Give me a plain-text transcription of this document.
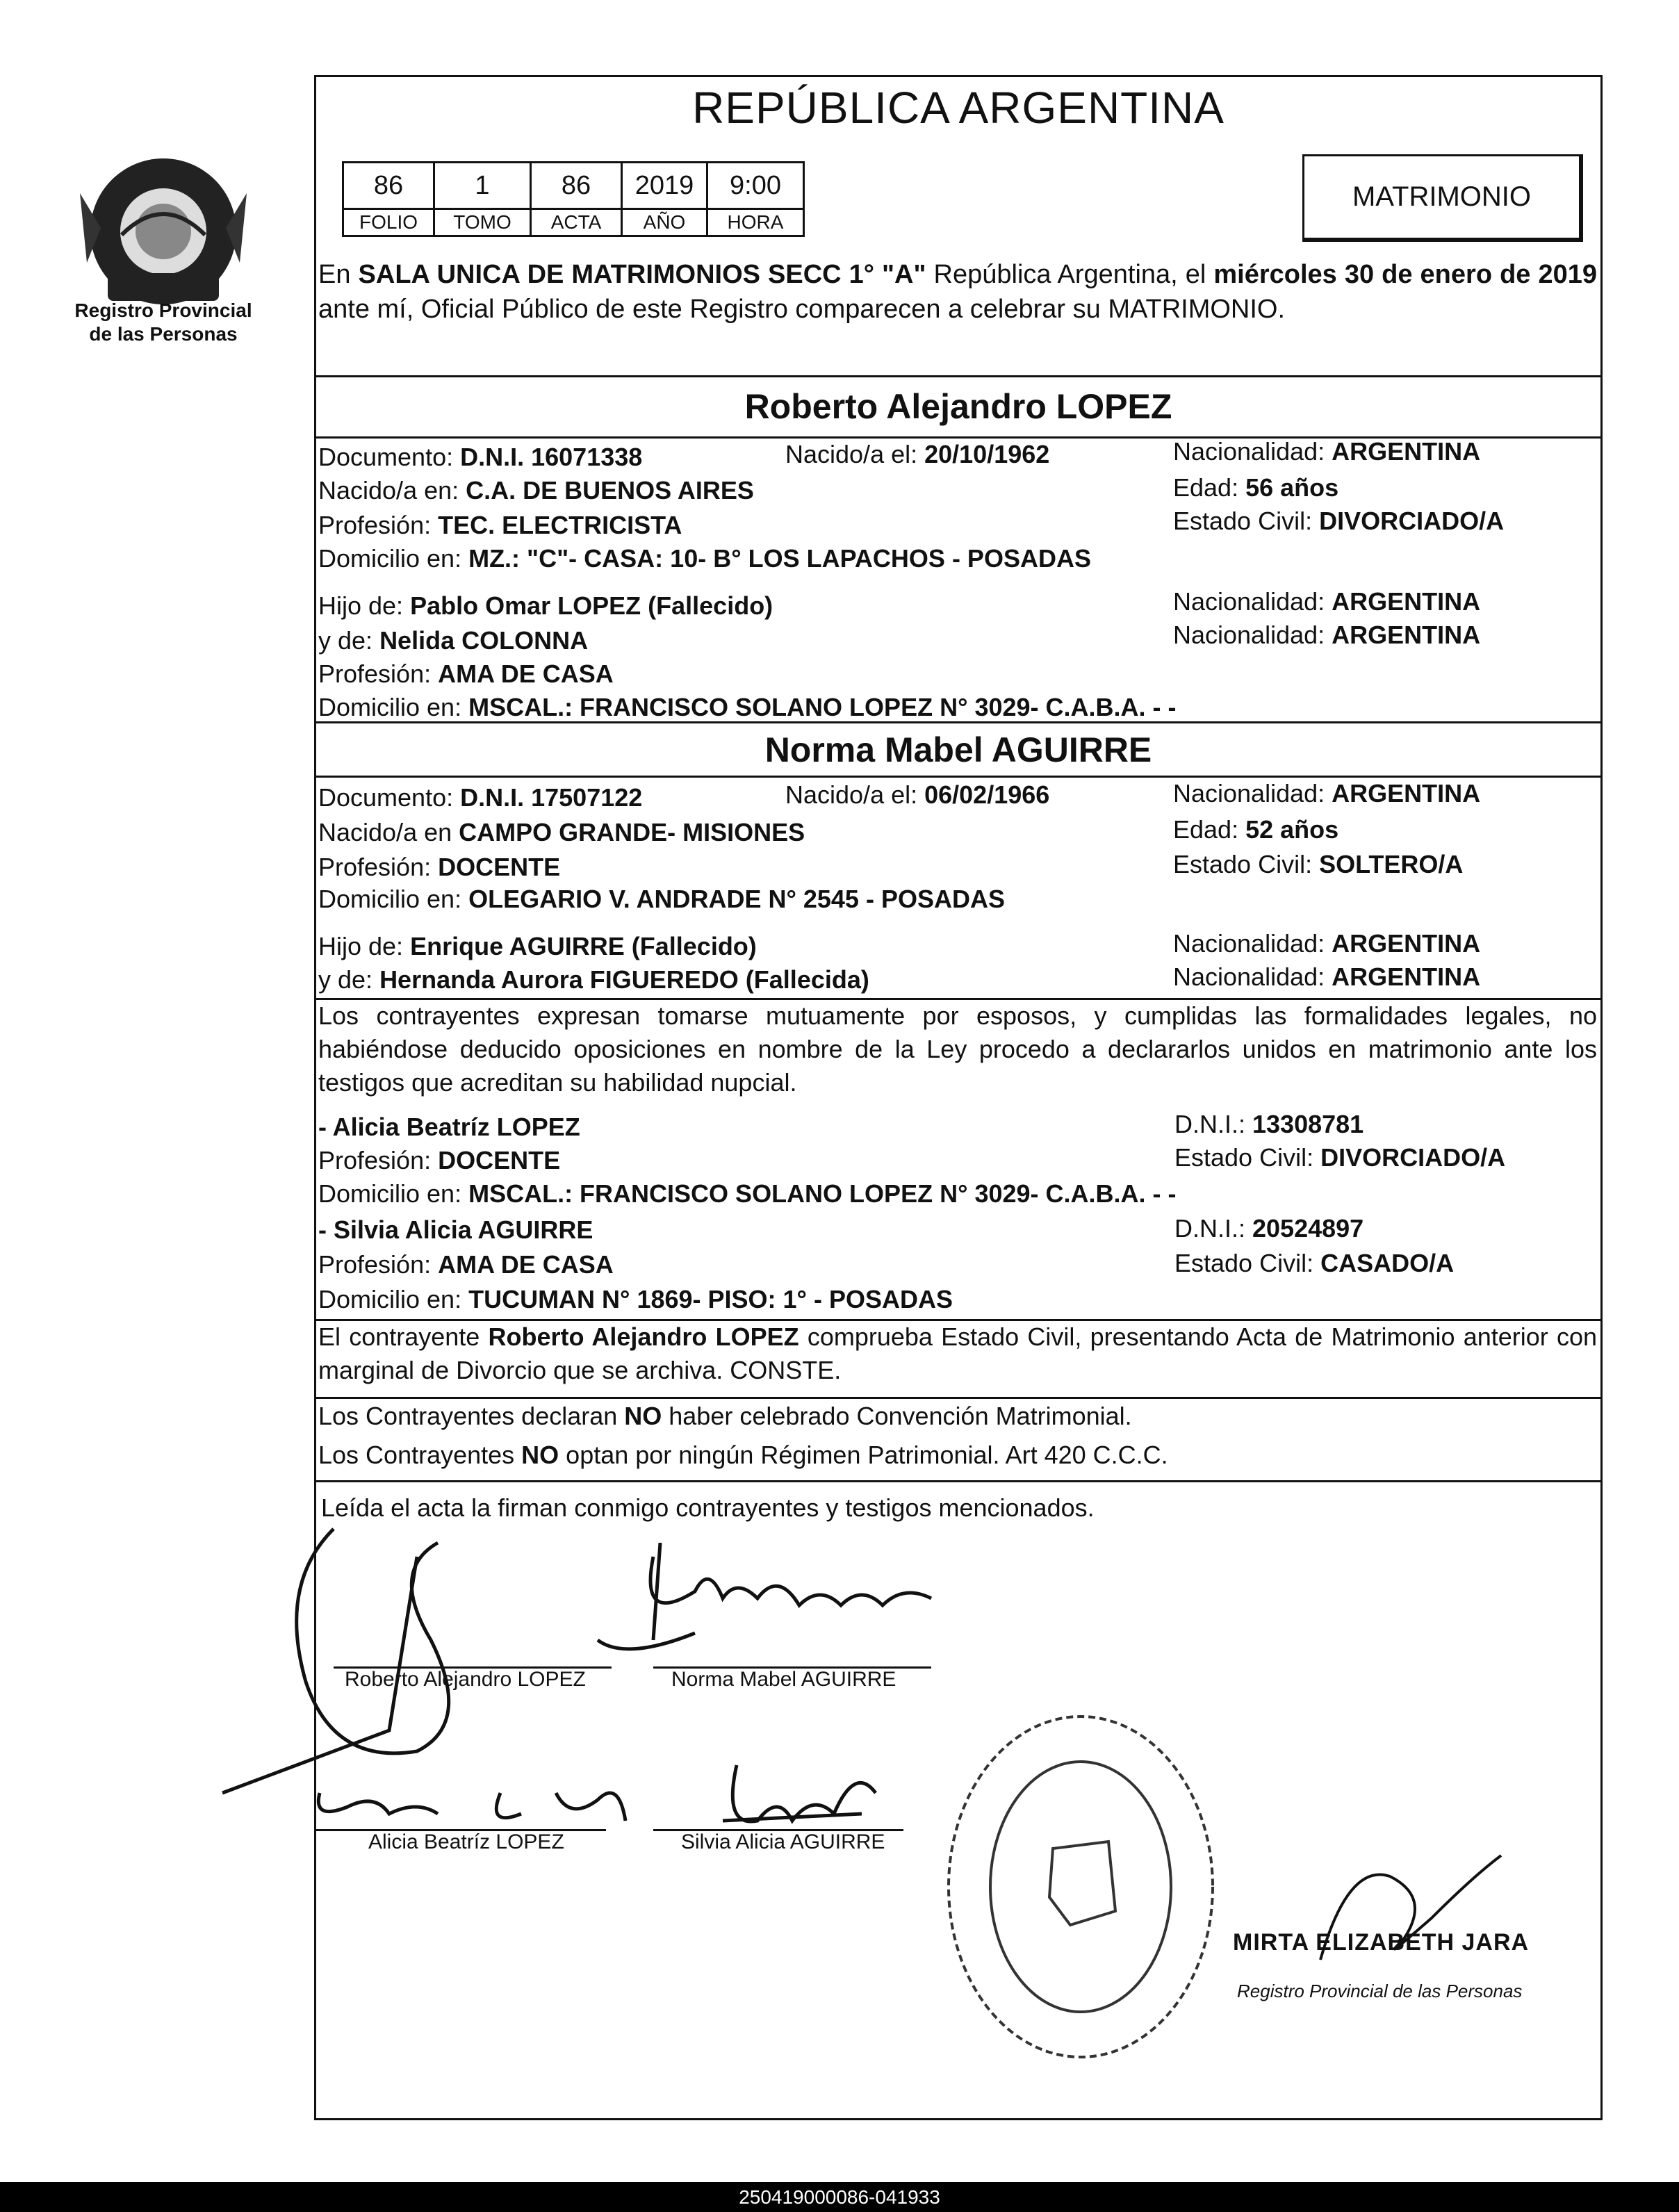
Registro Provincial
de las Personas
REPÚBLICA ARGENTINA
86	1	86	2019	9:00
FOLIO	TOMO	ACTA	AÑO	HORA
MATRIMONIO
En SALA UNICA DE MATRIMONIOS SECC 1° "A" República Argentina, el miércoles 30 de enero de 2019 ante mí, Oficial Público de este Registro comparecen a celebrar su MATRIMONIO.
Roberto Alejandro LOPEZ
Documento: D.N.I. 16071338	Nacido/a el: 20/10/1962	Nacionalidad: ARGENTINA
Nacido/a en: C.A. DE BUENOS AIRES	Edad: 56 años
Profesión: TEC. ELECTRICISTA	Estado Civil: DIVORCIADO/A
Domicilio en: MZ.: "C"- CASA: 10- B° LOS LAPACHOS - POSADAS
Hijo de: Pablo Omar LOPEZ (Fallecido)	Nacionalidad: ARGENTINA
y de: Nelida COLONNA	Nacionalidad: ARGENTINA
Profesión: AMA DE CASA
Domicilio en: MSCAL.: FRANCISCO SOLANO LOPEZ N° 3029- C.A.B.A. - -
Norma Mabel AGUIRRE
Documento: D.N.I. 17507122	Nacido/a el: 06/02/1966	Nacionalidad: ARGENTINA
Nacido/a en CAMPO GRANDE- MISIONES	Edad: 52 años
Profesión: DOCENTE	Estado Civil: SOLTERO/A
Domicilio en: OLEGARIO V. ANDRADE N° 2545 - POSADAS
Hijo de: Enrique AGUIRRE (Fallecido)	Nacionalidad: ARGENTINA
y de: Hernanda Aurora FIGUEREDO (Fallecida)	Nacionalidad: ARGENTINA
Los contrayentes expresan tomarse mutuamente por esposos, y cumplidas las formalidades legales, no habiéndose deducido oposiciones en nombre de la Ley procedo a declararlos unidos en matrimonio ante los testigos que acreditan su habilidad nupcial.
- Alicia Beatríz LOPEZ	D.N.I.: 13308781
Profesión: DOCENTE	Estado Civil: DIVORCIADO/A
Domicilio en: MSCAL.: FRANCISCO SOLANO LOPEZ N° 3029- C.A.B.A. - -
- Silvia Alicia AGUIRRE	D.N.I.: 20524897
Profesión: AMA DE CASA	Estado Civil: CASADO/A
Domicilio en: TUCUMAN N° 1869- PISO: 1° - POSADAS
El contrayente Roberto Alejandro LOPEZ comprueba Estado Civil, presentando Acta de Matrimonio anterior con marginal de Divorcio que se archiva. CONSTE.
Los Contrayentes declaran NO haber celebrado Convención Matrimonial.
Los Contrayentes NO optan por ningún Régimen Patrimonial. Art 420 C.C.C.
Leída el acta la firman conmigo contrayentes y testigos mencionados.
Roberto Alejandro LOPEZ	Norma Mabel AGUIRRE
Alicia Beatríz LOPEZ	Silvia Alicia AGUIRRE
MIRTA ELIZABETH JARA
Registro Provincial de las Personas
250419000086-041933
